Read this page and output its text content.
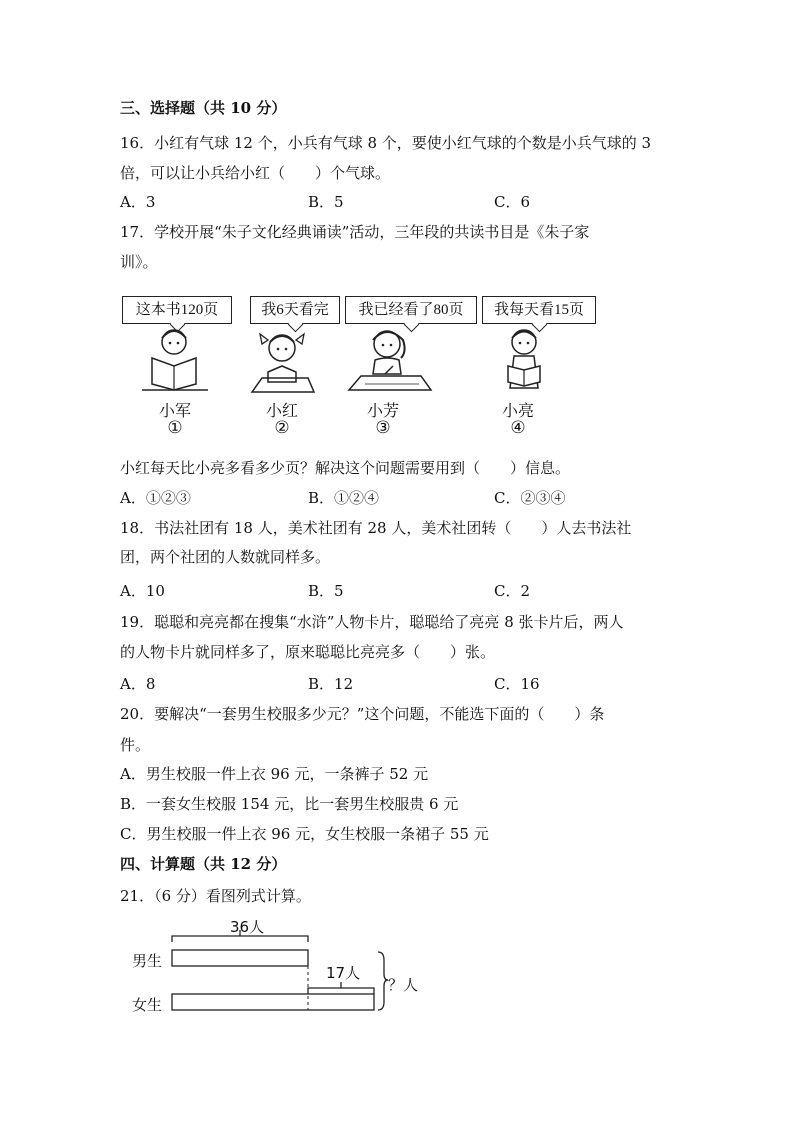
三、选择题（共 10 分）
16．小红有气球 12 个，小兵有气球 8 个，要使小红气球的个数是小兵气球的 3
倍，可以让小兵给小红（　　）个气球。
A．3	B．5	C．6
17．学校开展“朱子文化经典诵读”活动，三年段的共读书目是《朱子家
训》。
这本书120页	我6天看完	我已经看了80页	我每天看15页
小军	小红	小芳	小亮
①	②	③	④
小红每天比小亮多看多少页？解决这个问题需要用到（　　）信息。
A．①②③	B．①②④	C．②③④
18．书法社团有 18 人，美术社团有 28 人，美术社团转（　　）人去书法社
团，两个社团的人数就同样多。
A．10	B．5	C．2
19．聪聪和亮亮都在搜集“水浒”人物卡片，聪聪给了亮亮 8 张卡片后，两人
的人物卡片就同样多了，原来聪聪比亮亮多（　　）张。
A．8	B．12	C．16
20．要解决“一套男生校服多少元？”这个问题，不能选下面的（　　）条
件。
A．男生校服一件上衣 96 元，一条裤子 52 元
B．一套女生校服 154 元，比一套男生校服贵 6 元
C．男生校服一件上衣 96 元，女生校服一条裙子 55 元
四、计算题（共 12 分）
21．（6 分）看图列式计算。
36人
男生
女生
17人
？人
